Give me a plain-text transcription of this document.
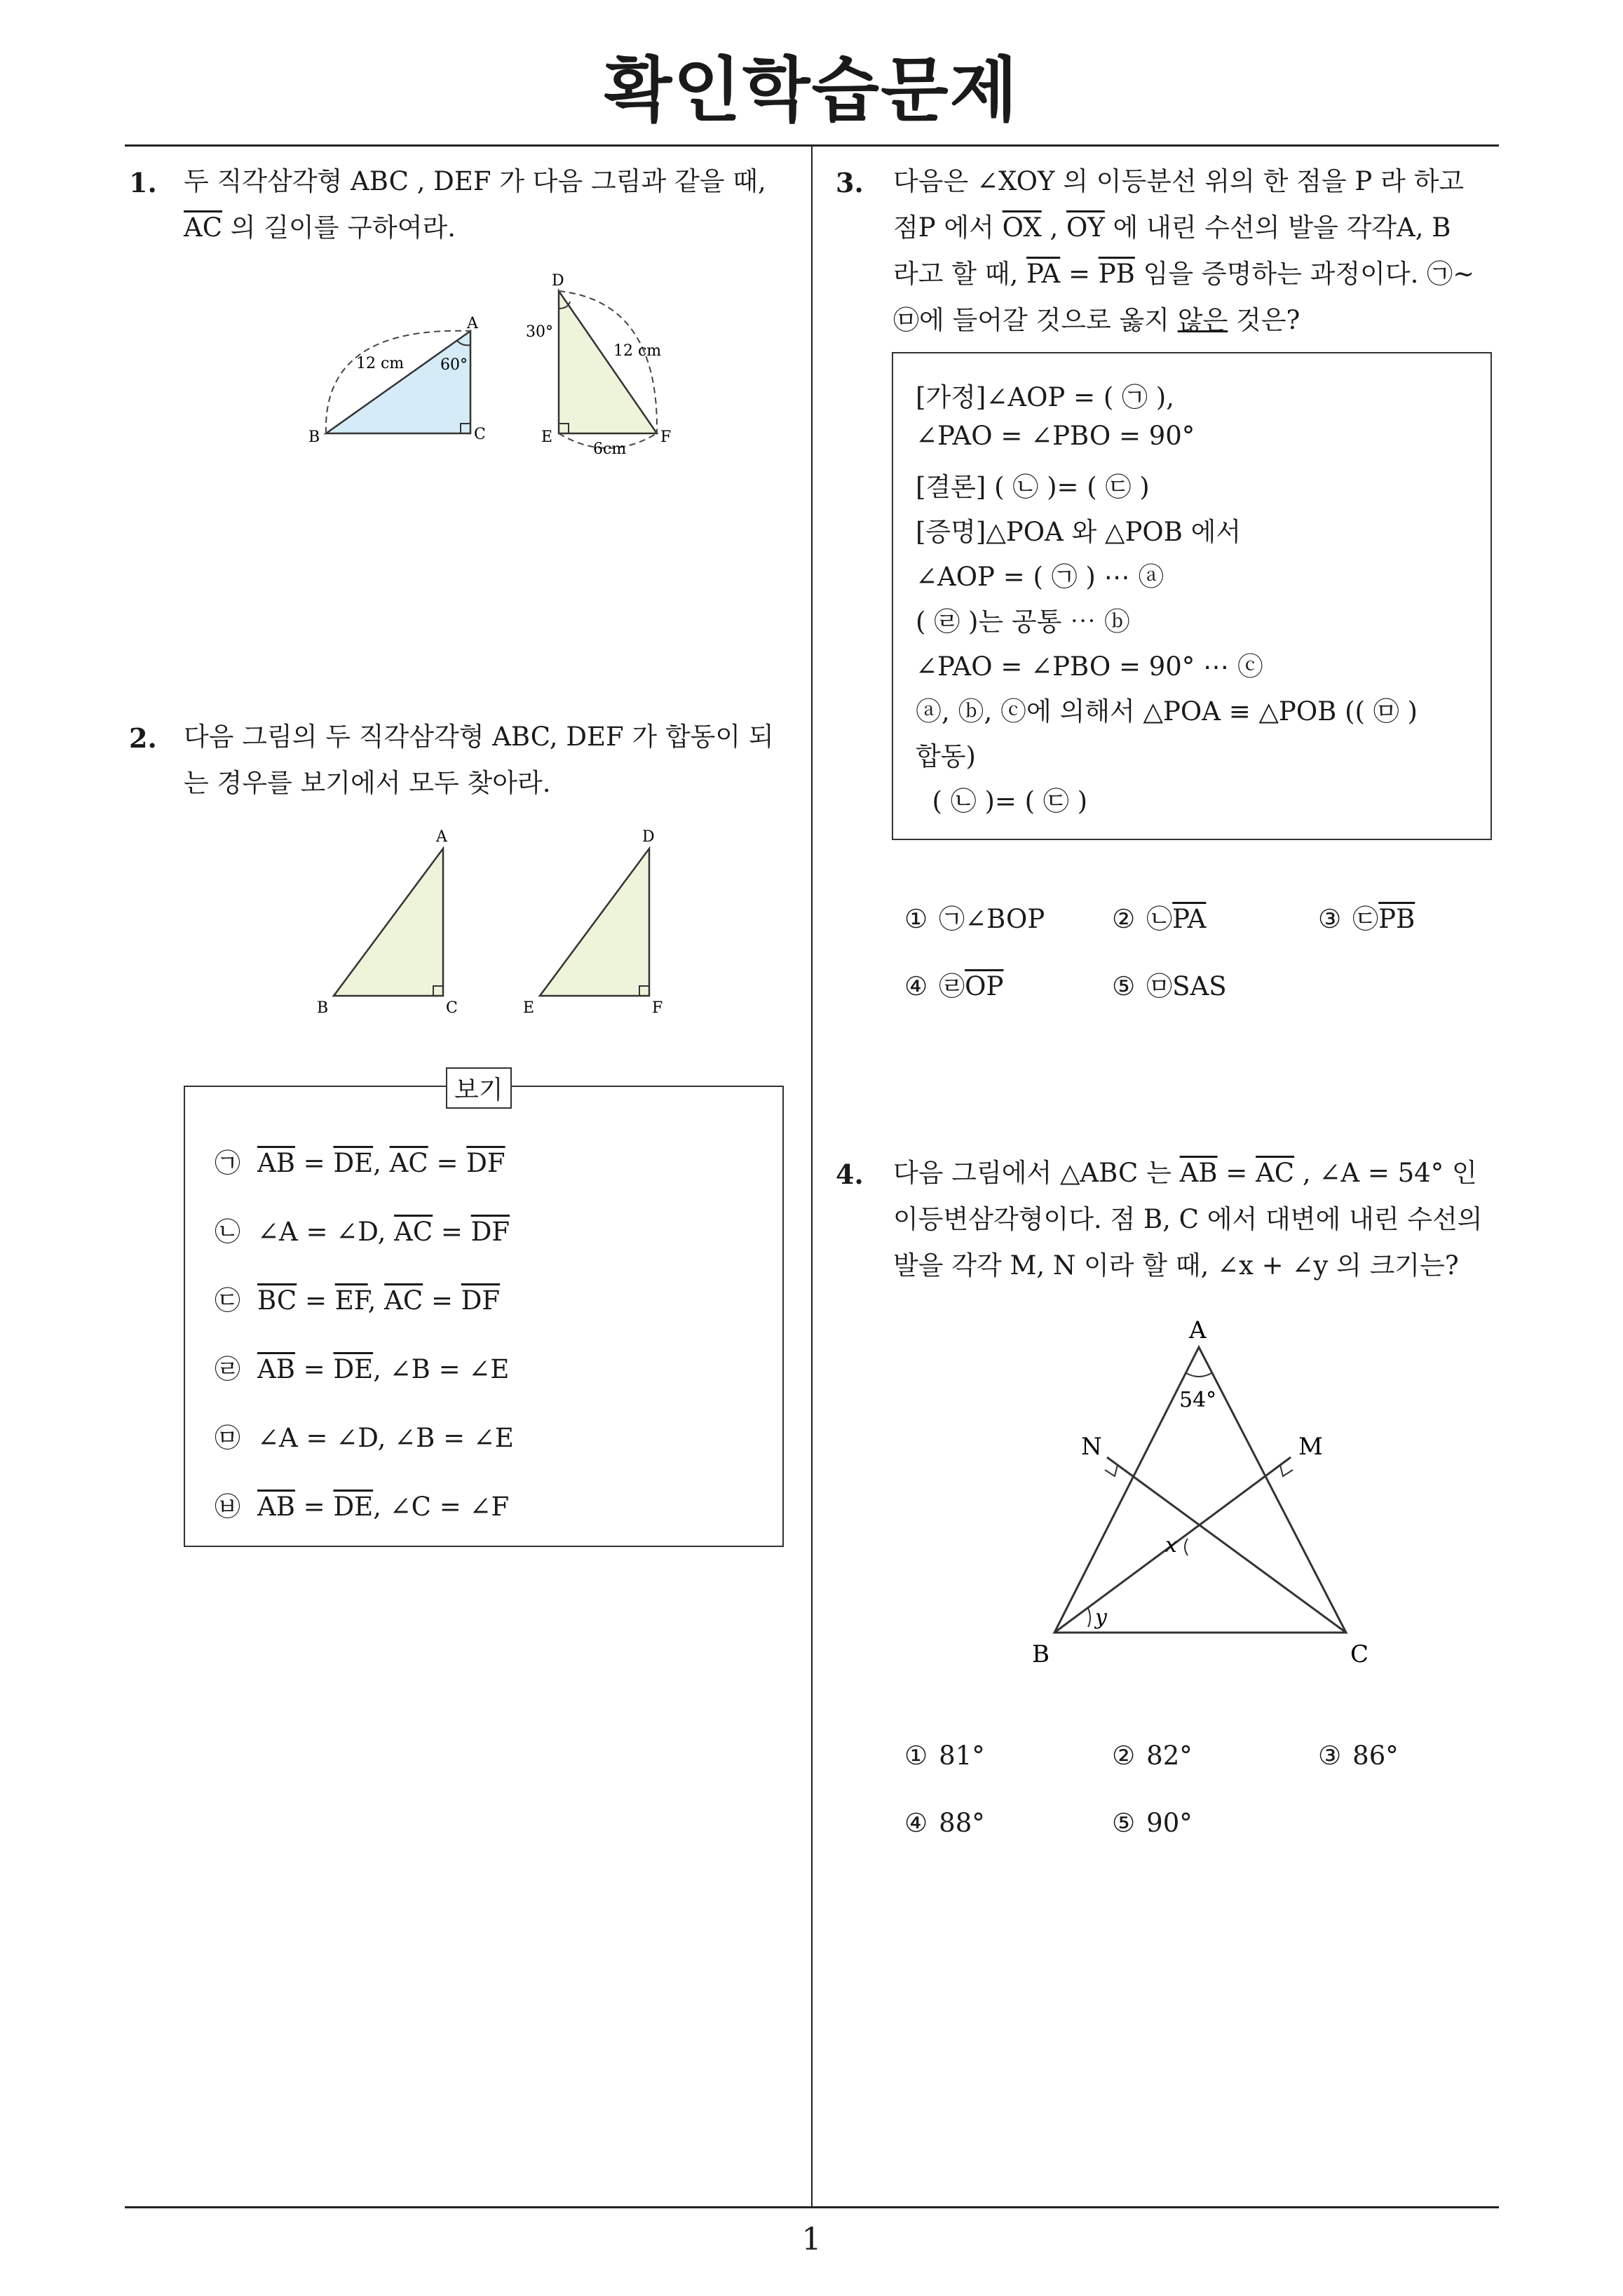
확인학습문제
1
1. 두 직각삼각형 ABC , DEF 가 다음 그림과 같을 때,
$\overline{AC}$ 의 길이를 구하여라.
A
B	C
12 cm 60°
D
E	F
30°
12 cm
6cm
2. 다음 그림의 두 직각삼각형 ABC, DEF 가 합동이 되
는 경우를 보기에서 모두 찾아라.
A
B	C
D
E	F
보기
㉠ $\overline{AB} = \overline{DE}$, $\overline{AC} = \overline{DF}$
㉡ ∠A = ∠D, $\overline{AC} = \overline{DF}$
㉢ $\overline{BC} = \overline{EF}$, $\overline{AC} = \overline{DF}$
㉣ $\overline{AB} = \overline{DE}$, ∠B = ∠E
㉤ ∠A = ∠D, ∠B = ∠E
㉥ $\overline{AB} = \overline{DE}$, ∠C = ∠F
3. 다음은 ∠XOY 의 이등분선 위의 한 점을 P 라 하고
점P 에서 $\overline{OX}$ , $\overline{OY}$ 에 내린 수선의 발을 각각A, B
라고 할 때, $\overline{PA} = \overline{PB}$ 임을 증명하는 과정이다. ㉠~
㉤에 들어갈 것으로 옳지 않은 것은?
[가정]∠AOP = ( ㉠ ),
∠PAO = ∠PBO = 90°
[결론] ( ㉡ )= ( ㉢ )
[증명]△POA 와 △POB 에서
∠AOP = ( ㉠ ) ⋯ ⓐ
( ㉣ )는 공통 ⋯ ⓑ
∠PAO = ∠PBO = 90° ⋯ ⓒ
ⓐ, ⓑ, ⓒ에 의해서 △POA ≡ △POB (( ㉤ )
합동)
( ㉡ )= ( ㉢ )
① ㉠∠BOP	② $㉡\overline{PA}$	③ $㉢\overline{PB}$
④ $㉣\overline{OP}$	⑤ ㉤SAS
4. 다음 그림에서 △ABC 는 $\overline{AB} = \overline{AC}$ , ∠A = 54° 인
이등변삼각형이다. 점 B, C 에서 대변에 내린 수선의
발을 각각 M, N 이라 할 때, ∠x + ∠y 의 크기는?
A
B	C
M
N
54°
x
y
① 81°	② 82°	③ 86°
④ 88°	⑤ 90°
